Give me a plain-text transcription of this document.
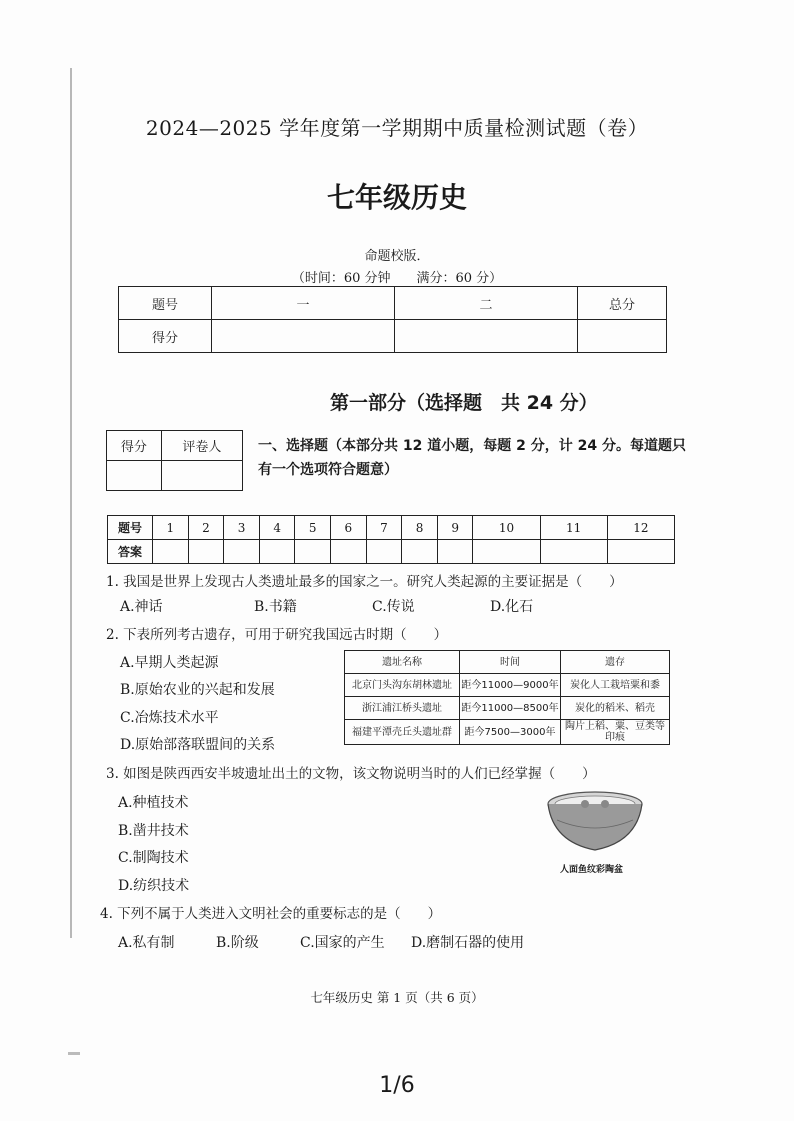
2024—2025 学年度第一学期期中质量检测试题（卷）
七年级历史
命题校版．
（时间：60 分钟　　满分：60 分）
题号	一	二	总分
得分			
第一部分（选择题　共 24 分）
得分	评卷人
		一、选择题（本部分共 12 道小题，每题 2 分，计 24 分。每道题只有一个选项符合题意）
题号	1	2	3	4	5	6	7	8	9	10	11	12
答案												
1. 我国是世界上发现古人类遗址最多的国家之一。研究人类起源的主要证据是（　　）
A.神话	B.书籍	C.传说	D.化石
2. 下表所列考古遗存，可用于研究我国远古时期（　　）
A.早期人类起源
B.原始农业的兴起和发展
C.冶炼技术水平
D.原始部落联盟间的关系
遗址名称	时间	遗存
北京门头沟东胡林遗址	距今11000—9000年	炭化人工栽培粟和黍
浙江浦江桥头遗址	距今11000—8500年	炭化的稻米、稻壳
福建平潭壳丘头遗址群	距今7500—3000年	陶片上稻、粟、豆类等印痕
3. 如图是陕西西安半坡遗址出土的文物，该文物说明当时的人们已经掌握（　　）
A.种植技术
B.凿井技术
C.制陶技术
D.纺织技术
人面鱼纹彩陶盆
4. 下列不属于人类进入文明社会的重要标志的是（　　）
A.私有制	B.阶级	C.国家的产生 D.磨制石器的使用
七年级历史 第 1 页（共 6 页）
1/6
